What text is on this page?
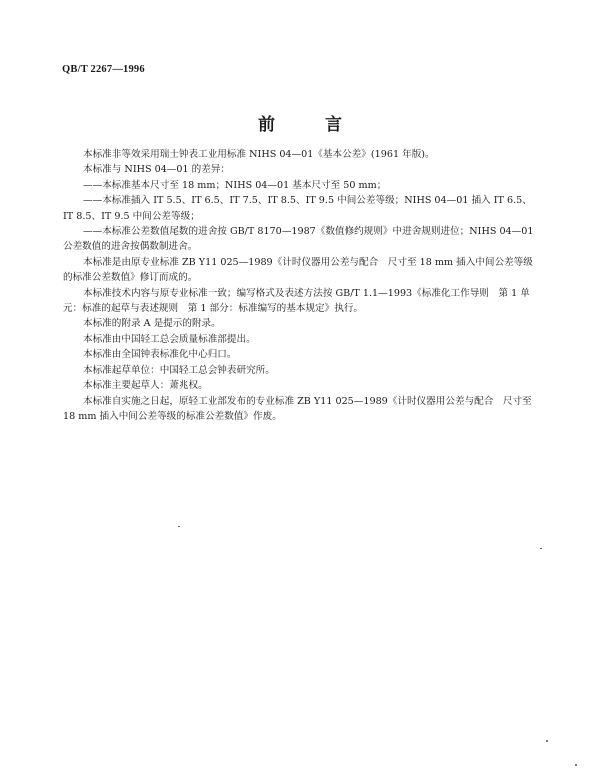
QB/T 2267—1996
前 言

本标准非等效采用瑞士钟表工业用标准 NIHS 04—01《基本公差》(1961 年版)。

本标准与 NIHS 04—01 的差异：

——本标准基本尺寸至 18 mm；NIHS 04—01 基本尺寸至 50 mm；

——本标准插入 IT 5.5、IT 6.5、IT 7.5、IT 8.5、IT 9.5 中间公差等级；NIHS 04—01 插入 IT 6.5、IT 8.5、IT 9.5 中间公差等级；

——本标准公差数值尾数的进舍按 GB/T 8170—1987《数值修约规则》中进舍规则进位；NIHS 04—01 公差数值的进舍按偶数制进舍。

本标准是由原专业标准 ZB Y11 025—1989《计时仪器用公差与配合　尺寸至 18 mm 插入中间公差等级的标准公差数值》修订而成的。

本标准技术内容与原专业标准一致；编写格式及表述方法按 GB/T 1.1—1993《标准化工作导则　第 1 单元：标准的起草与表述规则　第 1 部分：标准编写的基本规定》执行。

本标准的附录 A 是提示的附录。

本标准由中国轻工总会质量标准部提出。

本标准由全国钟表标准化中心归口。

本标准起草单位：中国轻工总会钟表研究所。

本标准主要起草人：萧兆权。

本标准自实施之日起，原轻工业部发布的专业标准 ZB Y11 025—1989《计时仪器用公差与配合　尺寸至 18 mm 插入中间公差等级的标准公差数值》作废。
